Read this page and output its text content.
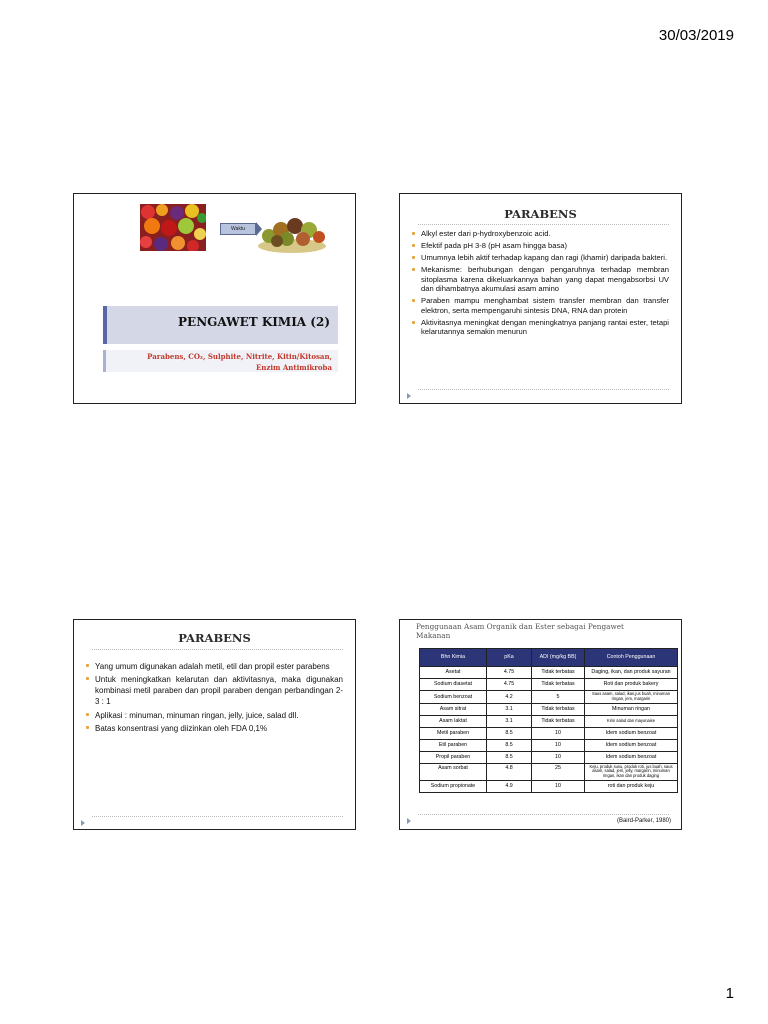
30/03/2019
Waktu
PENGAWET KIMIA (2)
Parabens, CO₂, Sulphite, Nitrite, Kitin/Kitosan,
Enzim Antimikroba
PARABENS
Alkyl ester dari p-hydroxybenzoic acid.
Efektif pada pH 3-8 (pH asam hingga basa)
Umumnya lebih aktif terhadap kapang dan ragi (khamir) daripada bakteri.
Mekanisme: berhubungan dengan pengaruhnya terhadap membran sitoplasma karena dikeluarkannya bahan yang dapat mengabsorbsi UV dan dihambatnya akumulasi asam amino
Paraben mampu menghambat sistem transfer membran dan transfer elektron, serta mempengaruhi sintesis DNA, RNA dan protein
Aktivitasnya meningkat dengan meningkatnya panjang rantai ester, tetapi kelarutannya semakin menurun
PARABENS
Yang umum digunakan adalah metil, etil dan propil ester parabens
Untuk meningkatkan kelarutan dan aktivitasnya, maka digunakan kombinasi metil paraben dan propil paraben dengan perbandingan 2-3 : 1
Aplikasi : minuman, minuman ringan, jelly, juice, salad dll.
Batas konsentrasi yang diizinkan oleh FDA 0,1%
Penggunaan Asam Organik dan Ester sebagai Pengawet Makanan
Bhn Kimia	pKa	ADI (mg/kg BB)	Contoh Penggunaan
Asetat	4.75	Tidak terbatas	Daging, ikan, dan produk sayuran
Sodium diasetat	4.75	Tidak terbatas	Roti dan produk bakery
Sodium benzoat	4.2	5	Saus asam, salad, ikan,jus buah, minuman ringan, jem, margarin
Asam sitrat	3.1	Tidak terbatas	Minuman ringan
Asam laktat	3.1	Tidak terbatas	Kirin salad dan mayonaise
Metil paraben	8.5	10	Idem sodium benzoat
Etil paraben	8.5	10	Idem sodium benzoat
Propil paraben	8.5	10	Idem sodium benzoat
Asam sorbat	4.8	25	Keju, produk susu, produk roti, jus buah, saus asam, salad, jem, jelly, margarin, minuman ringan, ikan dan produk daging
Sodium propionate	4.9	10	roti dan produk keju
(Baird-Parker, 1980)
1
